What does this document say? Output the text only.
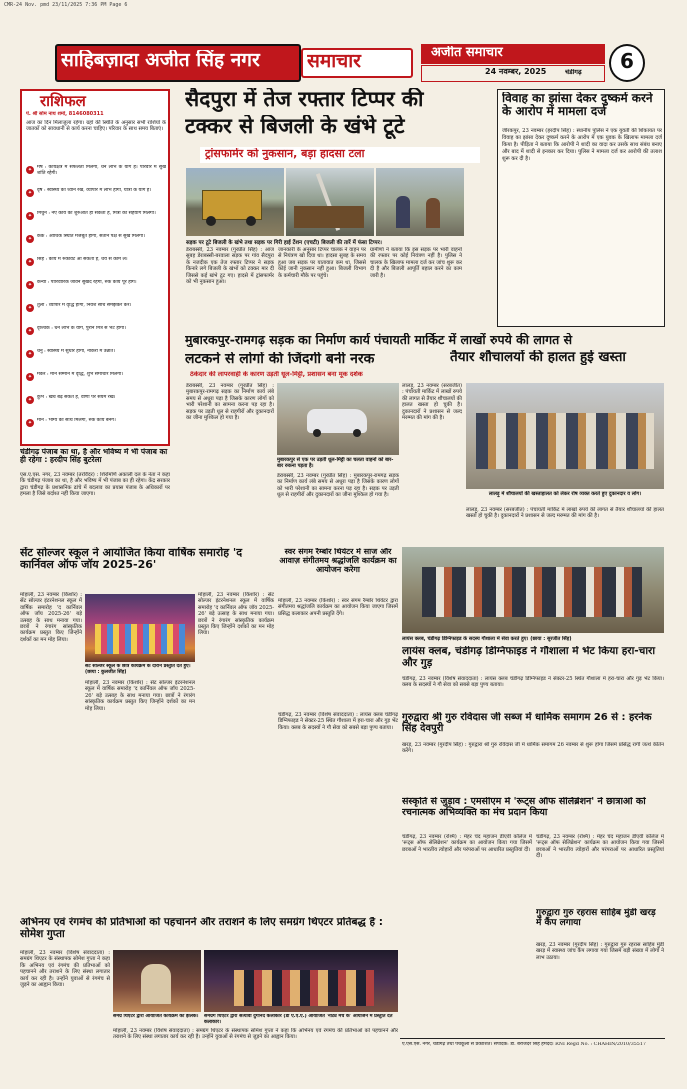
CMR-24 Nov. pmd 23/11/2025 7:36 PM Page 6
साहिबज़ादा अजीत सिंह नगर	समाचार	अजीत समाचार
24 नवम्बर, 2025	चंडीगढ़ 6
राशिफल
पं. श्री सोम नाथ शर्मा, 8146080311
आज का दिन मिलाजुला रहेगा। ग्रहों की स्थिति के अनुसार सभी राशियों के जातकों को सावधानी से कार्य करना चाहिए। परिवार के साथ समय बिताएं।
✦	मेष : कार्यक्षेत्र में सफलता मिलेगी, धन लाभ के योग हैं। परिवार में सुख शांति रहेगी।
✦	वृष : स्वास्थ्य का ध्यान रखें, व्यापार में लाभ होगा, यात्रा के योग हैं।
✦	मिथुन : नए कार्य की शुरुआत हो सकती है, मित्रों का सहयोग मिलेगा।
✦	कर्क : आर्थिक स्थिति मजबूत होगी, संतान पक्ष से सुख मिलेगा।
✦	सिंह : कार्य में रुकावट आ सकती है, धैर्य से काम लें।
✦	कन्या : पारिवारिक जीवन सुखद रहेगा, रुके कार्य पूरे होंगे।
✦	तुला : व्यापार में वृद्धि होगी, निवेश सोच समझकर करें।
✦	वृश्चिक : धन लाभ के योग, पुराने मित्र से भेंट होगी।
✦	धनु : स्वास्थ्य में सुधार होगा, नौकरी में उन्नति।
✦	मकर : मान सम्मान में वृद्धि, शुभ समाचार मिलेगा।
✦	कुंभ : खर्च बढ़ सकते हैं, वाणी पर संयम रखें।
✦	मीन : भाग्य का साथ मिलेगा, रुके कार्य बनेंगे।
सैदपुरा में तेज रफ्तार टिप्पर की
टक्कर से बिजली के खंभे टूटे
ट्रांसफार्मर को नुकसान, बड़ा हादसा टला
सड़क पर टूटे बिजली के खंभे तथा सड़क पर गिरी हाई टेंशन (एचटी) बिजली की तारें में फंसा टिप्पर।
डेराबस्सी, 23 नवम्बर (गुरप्रीत सिंह) : आज सुबह डेराबस्सी-बरवाला सड़क पर गांव सैदपुरा के नजदीक एक तेज रफ्तार टिप्पर ने सड़क किनारे लगे बिजली के खंभों को टक्कर मार दी जिससे कई खंभे टूट गए। हादसे में ट्रांसफार्मर को भी नुकसान हुआ।
जानकारी के अनुसार टिप्पर चालक ने वाहन पर से नियंत्रण खो दिया था। हादसा सुबह के समय हुआ जब सड़क पर यातायात कम था, जिससे कोई जानी नुकसान नहीं हुआ। बिजली विभाग के कर्मचारी मौके पर पहुंचे।
ग्रामीणों ने बताया कि इस सड़क पर भारी वाहनों की रफ्तार पर कोई नियंत्रण नहीं है। पुलिस ने चालक के खिलाफ मामला दर्ज कर जांच शुरू कर दी है और बिजली आपूर्ति बहाल करने का काम जारी है।
विवाह का झांसा देकर दुष्कर्म करने के आरोप में मामला दर्ज
जीरकपुर, 23 नवम्बर (हरदीप सिंह) : स्थानीय पुलिस ने एक युवती की शिकायत पर विवाह का झांसा देकर दुष्कर्म करने के आरोप में एक युवक के खिलाफ मामला दर्ज किया है। पीड़िता ने बताया कि आरोपी ने शादी का वादा कर उसके साथ संबंध बनाए और बाद में शादी से इनकार कर दिया। पुलिस ने मामला दर्ज कर आरोपी की तलाश शुरू कर दी है।
मुबारकपुर-रामगढ़ सड़क का निर्माण कार्य पंचायती मार्किट में लाखों रुपये की लागत से
लटकने से लोगों की जिंदगी बनी नरक	तैयार शौचालयों की हालत हुई खस्ता
ठेकेदार की लापरवाही के कारण उड़ती धूल-मिट्टी, प्रशासन बना मूक दर्शक
डेराबस्सी, 23 नवम्बर (गुरप्रीत सिंह) : मुबारकपुर-रामगढ़ सड़क का निर्माण कार्य लंबे समय से अधूरा पड़ा है जिसके कारण लोगों को भारी परेशानी का सामना करना पड़ रहा है। सड़क पर उड़ती धूल से राहगीरों और दुकानदारों का जीना मुश्किल हो गया है।
मुबारकपुर से एक पर उड़ती धूल-मिट्टी का चलता वाहनों को बार-बार रुकना पड़ता है।
डेराबस्सी, 23 नवम्बर (गुरप्रीत सिंह) : मुबारकपुर-रामगढ़ सड़क का निर्माण कार्य लंबे समय से अधूरा पड़ा है जिसके कारण लोगों को भारी परेशानी का सामना करना पड़ रहा है। सड़क पर उड़ती धूल से राहगीरों और दुकानदारों का जीना मुश्किल हो गया है।
लालड़ू, 23 नवम्बर (सरबजीत) : पंचायती मार्किट में लाखों रुपये की लागत से तैयार शौचालयों की हालत खस्ता हो चुकी है। दुकानदारों ने प्रशासन से जल्द मरम्मत की मांग की है।
लालड़ू में शौचालयों की खस्ताहालत को लेकर रोष व्यक्त करते हुए दुकानदार व लोग।
लालड़ू, 23 नवम्बर (सरबजीत) : पंचायती मार्किट में लाखों रुपये की लागत से तैयार शौचालयों की हालत खस्ता हो चुकी है। दुकानदारों ने प्रशासन से जल्द मरम्मत की मांग की है।
चंडीगढ़ पंजाब का था, है और भविष्य में भी पंजाब का ही रहेगा : हरदीप सिंह बुटरेला
एस.ए.एस. नगर, 23 नवम्बर (तरविंदर) : शिरोमणि अकाली दल के नेता ने कहा कि चंडीगढ़ पंजाब का था, है और भविष्य में भी पंजाब का ही रहेगा। केंद्र सरकार द्वारा चंडीगढ़ के प्रशासनिक ढांचे में बदलाव का प्रयास पंजाब के अधिकारों पर हमला है जिसे बर्दाश्त नहीं किया जाएगा।
सेंट सोल्जर स्कूल ने आयोजित किया वार्षिक समारोह 'द कार्निवल ऑफ जॉय 2025-26'
मोहाली, 23 नवम्बर (किशोर) : सेंट सोल्जर इंटरनेशनल स्कूल में वार्षिक समारोह 'द कार्निवल ऑफ जॉय 2025-26' बड़े उत्साह के साथ मनाया गया। छात्रों ने रंगारंग सांस्कृतिक कार्यक्रम प्रस्तुत किए जिन्होंने दर्शकों का मन मोह लिया।
सेंट सोल्जर स्कूल के छात्र कार्यक्रम के दौरान प्रस्तुति देते हुए। (छाया : कुलजीत सिंह)
मोहाली, 23 नवम्बर (किशोर) : सेंट सोल्जर इंटरनेशनल स्कूल में वार्षिक समारोह 'द कार्निवल ऑफ जॉय 2025-26' बड़े उत्साह के साथ मनाया गया। छात्रों ने रंगारंग सांस्कृतिक कार्यक्रम प्रस्तुत किए जिन्होंने दर्शकों का मन मोह लिया।
मोहाली, 23 नवम्बर (किशोर) : सेंट सोल्जर इंटरनेशनल स्कूल में वार्षिक समारोह 'द कार्निवल ऑफ जॉय 2025-26' बड़े उत्साह के साथ मनाया गया। छात्रों ने रंगारंग सांस्कृतिक कार्यक्रम प्रस्तुत किए जिन्होंने दर्शकों का मन मोह लिया।
स्वर संगम रैम्बोर थियेटर में साज और आवाज़ संगीतमय श्रद्धांजलि कार्यक्रम का आयोजन करेगा
मोहाली, 23 नवम्बर (किशोर) : स्वर संगम रैम्बोर थियेटर द्वारा संगीतमय श्रद्धांजलि कार्यक्रम का आयोजन किया जाएगा जिसमें प्रसिद्ध कलाकार अपनी प्रस्तुति देंगे।
लायंस क्लब, चंडीगढ़ डिग्निफाइड के सदस्य गौशाला में सेवा करते हुए। (छाया : सुरजीत सिंह)
लायंस क्लब, चंडीगढ़ डिग्निफाइड ने गौशाला में भेंट किया हरा-चारा और गुड़
चंडीगढ़, 23 नवम्बर (विशेष संवाददाता) : लायंस क्लब चंडीगढ़ डिग्निफाइड ने सेक्टर-25 स्थित गौशाला में हरा-चारा और गुड़ भेंट किया। क्लब के सदस्यों ने गौ सेवा को सबसे बड़ा पुण्य बताया।
चंडीगढ़, 23 नवम्बर (विशेष संवाददाता) : लायंस क्लब चंडीगढ़ डिग्निफाइड ने सेक्टर-25 स्थित गौशाला में हरा-चारा और गुड़ भेंट किया। क्लब के सदस्यों ने गौ सेवा को सबसे बड़ा पुण्य बताया।
गुरुद्वारा श्री गुरु रविदास जी सब्ज में धार्मिक समागम 26 से : हरनेक सिंह देवपुरी
खरड़, 23 नवम्बर (गुरदीप सिंह) : गुरुद्वारा श्री गुरु रविदास जी में धार्मिक समागम 26 नवम्बर से शुरू होगा जिसमें प्रसिद्ध रागी जत्थे कीर्तन करेंगे।
अभिनय एवं रंगमंच की प्रतिभाओं को पहचानने और तराशने के लिए समग्रंग थिएटर प्रतिबद्ध है : सोमेश गुप्ता
मोहाली, 23 नवम्बर (विशेष संवाददाता) : समग्रंग थिएटर के संस्थापक सोमेश गुप्ता ने कहा कि अभिनय एवं रंगमंच की प्रतिभाओं को पहचानने और तराशने के लिए संस्था लगातार कार्य कर रही है। उन्होंने युवाओं से रंगमंच से जुड़ने का आह्वान किया।
समग्र थिएटर द्वारा आयोजित कार्यक्रम की झलक।	समग्रंग थिएटर द्वारा सत्यावी दुर्गानंद कलाकार (डॉ ए.ए.ए.) आयोजित 'नाट्य मंच के' आयोजन में प्रस्तुति देते कलाकार।
मोहाली, 23 नवम्बर (विशेष संवाददाता) : समग्रंग थिएटर के संस्थापक सोमेश गुप्ता ने कहा कि अभिनय एवं रंगमंच की प्रतिभाओं को पहचानने और तराशने के लिए संस्था लगातार कार्य कर रही है। उन्होंने युवाओं से रंगमंच से जुड़ने का आह्वान किया।
संस्कृति से जुड़ाव : एमसीएम में 'रूट्स ऑफ सेलिब्रेशन' ने छात्राओं को रचनात्मक अभिव्यक्ति का मंच प्रदान किया
चंडीगढ़, 23 नवम्बर (रश्मि) : मेहर चंद महाजन डीएवी कॉलेज में 'रूट्स ऑफ सेलिब्रेशन' कार्यक्रम का आयोजन किया गया जिसमें छात्राओं ने भारतीय त्योहारों और परंपराओं पर आधारित प्रस्तुतियां दीं।
चंडीगढ़, 23 नवम्बर (रश्मि) : मेहर चंद महाजन डीएवी कॉलेज में 'रूट्स ऑफ सेलिब्रेशन' कार्यक्रम का आयोजन किया गया जिसमें छात्राओं ने भारतीय त्योहारों और परंपराओं पर आधारित प्रस्तुतियां दीं।
गुरुद्वारा गुरु रहरास साहिब मुंडी खरड़ में कैंप लगाया
खरड़, 23 नवम्बर (गुरदीप सिंह) : गुरुद्वारा गुरु रहरास साहिब मुंडी खरड़ में स्वास्थ्य जांच कैंप लगाया गया जिसमें बड़ी संख्या में लोगों ने लाभ उठाया।
ऐ.एस.एस. नगर, चंडीगढ़ तथा पंचकूला से प्रकाशित। संपादक: डॉ. बरजिंदर सिंह हमदर्द। RNI Regd No. : CHAHIN/2010/35517
